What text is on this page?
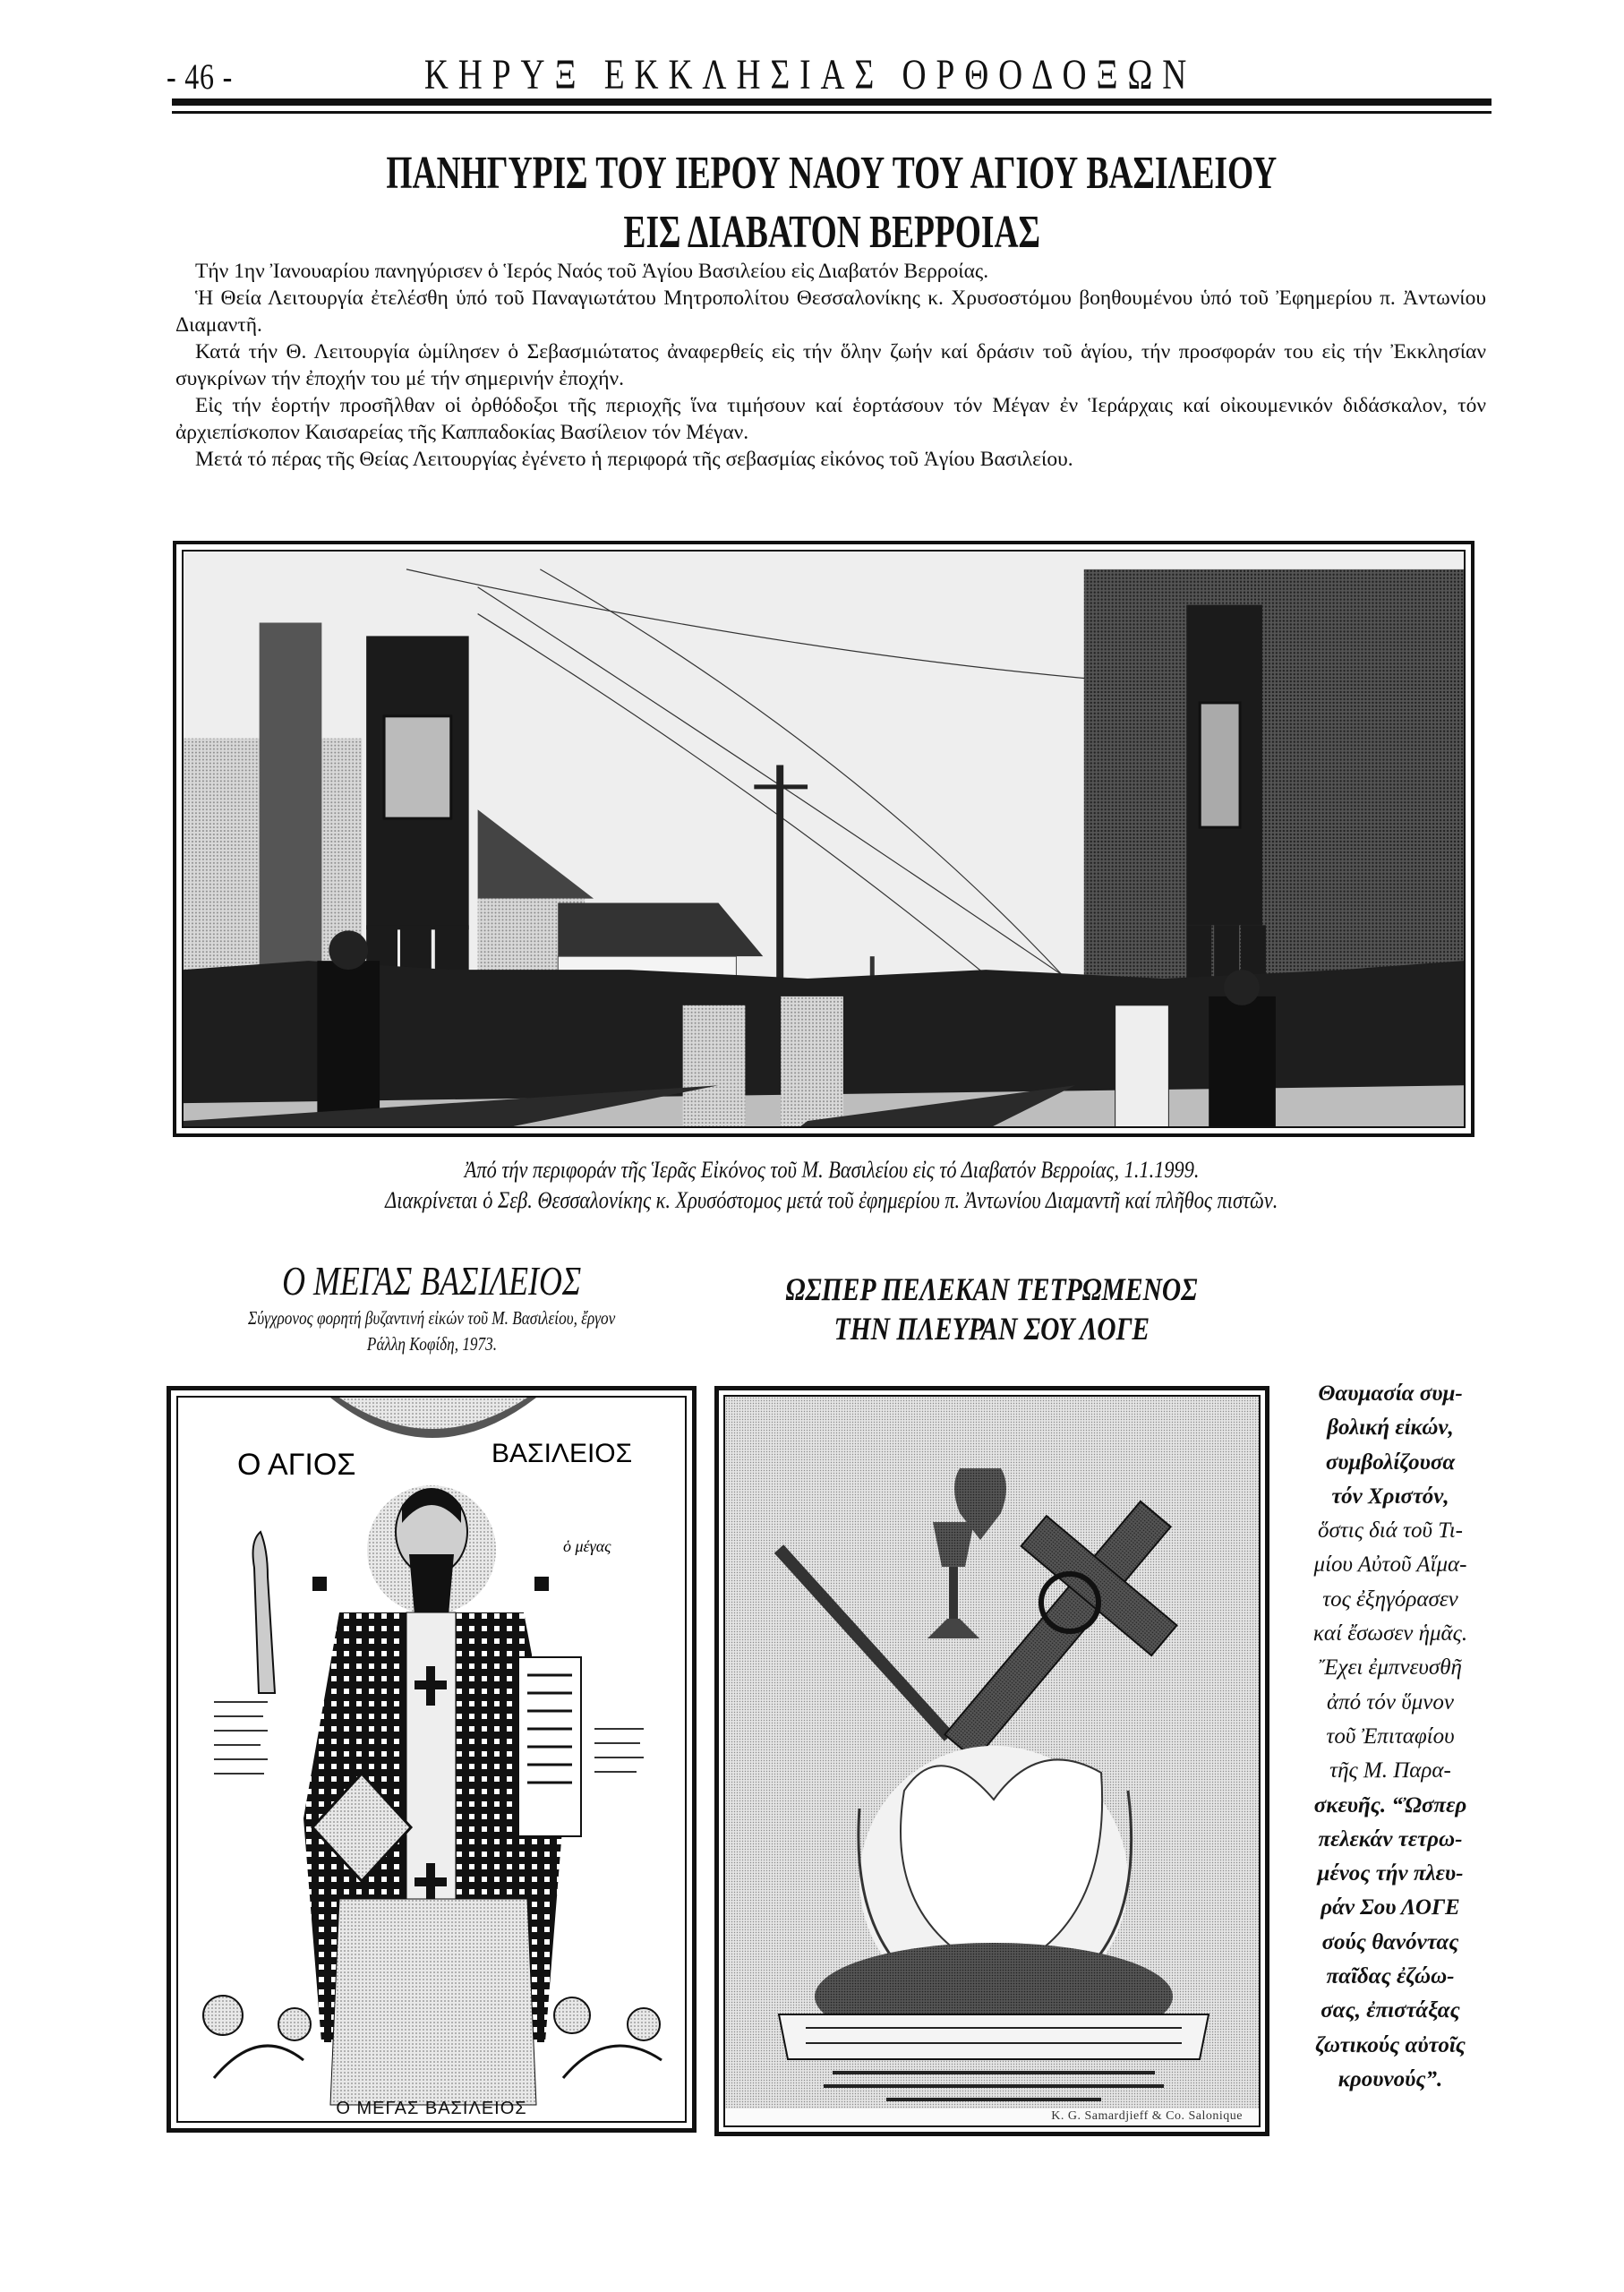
- 46 -	ΚΗΡΥΞ ΕΚΚΛΗΣΙΑΣ ΟΡΘΟΔΟΞΩΝ
ΠΑΝΗΓΥΡΙΣ ΤΟΥ ΙΕΡΟΥ ΝΑΟΥ ΤΟΥ ΑΓΙΟΥ ΒΑΣΙΛΕΙΟΥ
ΕΙΣ ΔΙΑΒΑΤΟΝ ΒΕΡΡΟΙΑΣ

Τήν 1ην Ἰανουαρίου πανηγύρισεν ὁ Ἱερός Ναός τοῦ Ἁγίου Βασιλείου εἰς Διαβατόν Βερροίας.

Ἡ Θεία Λειτουργία ἐτελέσθη ὑπό τοῦ Παναγιωτάτου Μητροπολίτου Θεσσαλονίκης κ. Χρυσοστόμου βοηθουμένου ὑπό τοῦ Ἐφημερίου π. Ἀντωνίου Διαμαντῆ.

Κατά τήν Θ. Λειτουργία ὡμίλησεν ὁ Σεβασμιώτατος ἀναφερθείς εἰς τήν ὅλην ζωήν καί δράσιν τοῦ ἁγίου, τήν προσφοράν του εἰς τήν Ἐκκλησίαν συγκρίνων τήν ἐποχήν του μέ τήν σημερινήν ἐποχήν.

Εἰς τήν ἑορτήν προσῆλθαν οἱ ὀρθόδοξοι τῆς περιοχῆς ἵνα τιμήσουν καί ἑορτάσουν τόν Μέγαν ἐν Ἱεράρχαις καί οἰκουμενικόν διδάσκαλον, τόν ἀρχιεπίσκοπον Καισαρείας τῆς Καππαδοκίας Βασίλειον τόν Μέγαν.

Μετά τό πέρας τῆς Θείας Λειτουργίας ἐγένετο ἡ περιφορά τῆς σεβασμίας εἰκόνος τοῦ Ἁγίου Βασιλείου.

Ἀπό τήν περιφοράν τῆς Ἱερᾶς Εἰκόνος τοῦ Μ. Βασιλείου εἰς τό Διαβατόν Βερροίας, 1.1.1999.
Διακρίνεται ὁ Σεβ. Θεσσαλονίκης κ. Χρυσόστομος μετά τοῦ ἐφημερίου π. Ἀντωνίου Διαμαντῆ καί πλῆθος πιστῶν.
Ο ΜΕΓΑΣ ΒΑΣΙΛΕΙΟΣ
Σύγχρονος φορητή βυζαντινή εἰκών τοῦ Μ. Βασιλείου, ἔργον
Ράλλη Κοφίδη, 1973.
Ο ΑΓΙΟΣ	ΒΑΣΙΛΕΙΟΣ
ὁ μέγας
Ο ΜΕΓΑΣ ΒΑΣΙΛΕΙΟΣ
ΩΣΠΕΡ ΠΕΛΕΚΑΝ ΤΕΤΡΩΜΕΝΟΣ
ΤΗΝ ΠΛΕΥΡΑΝ ΣΟΥ ΛΟΓΕ
K. G. Samardjieff & Co. Salonique
Θαυμασία συμ-
βολική εἰκών,
συμβολίζουσα
τόν Χριστόν,
ὅστις διά τοῦ Τι-
μίου Αὐτοῦ Αἵμα-
τος ἐξηγόρασεν
καί ἔσωσεν ἡμᾶς.
Ἔχει ἐμπνευσθῆ
ἀπό τόν ὕμνον
τοῦ Ἐπιταφίου
τῆς Μ. Παρα-
σκευῆς. “Ὠσπερ
πελεκάν τετρω-
μένος τήν πλευ-
ράν Σου ΛΟΓΕ
σούς θανόντας
παῖδας ἐζώω-
σας, ἐπιστάξας
ζωτικούς αὐτοῖς
κρουνούς”.
